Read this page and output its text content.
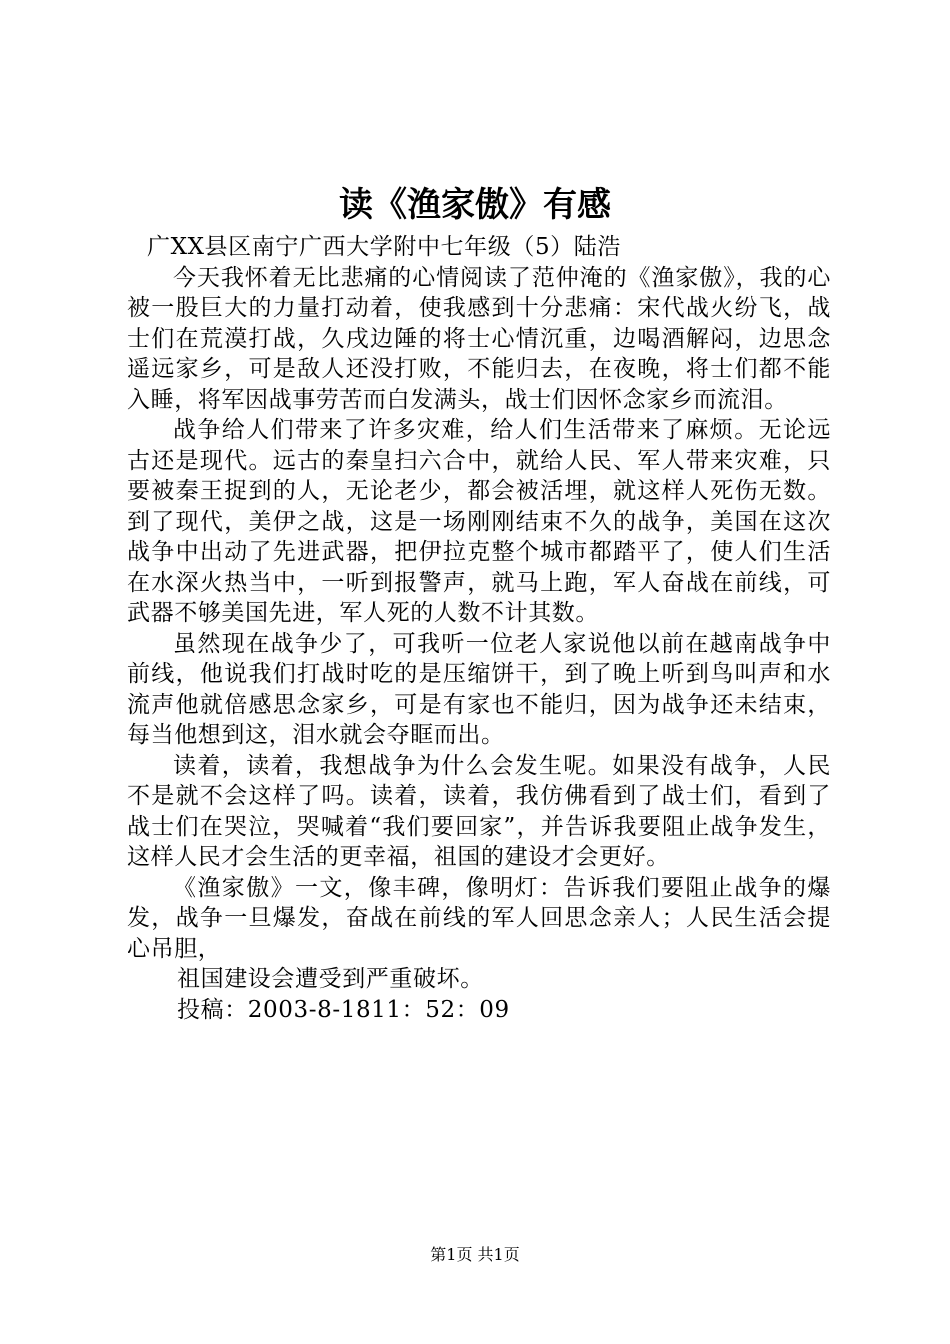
读《渔家傲》有感

广XX县区南宁广西大学附中七年级（5）陆浩

今天我怀着无比悲痛的心情阅读了范仲淹的《渔家傲》，我的心被一股巨大的力量打动着，使我感到十分悲痛：宋代战火纷飞，战士们在荒漠打战，久戌边陲的将士心情沉重，边喝酒解闷，边思念遥远家乡，可是敌人还没打败，不能归去，在夜晚，将士们都不能入睡，将军因战事劳苦而白发满头，战士们因怀念家乡而流泪。

战争给人们带来了许多灾难，给人们生活带来了麻烦。无论远古还是现代。远古的秦皇扫六合中，就给人民、军人带来灾难，只要被秦王捉到的人，无论老少，都会被活埋，就这样人死伤无数。到了现代，美伊之战，这是一场刚刚结束不久的战争，美国在这次战争中出动了先进武器，把伊拉克整个城市都踏平了，使人们生活在水深火热当中，一听到报警声，就马上跑，军人奋战在前线，可武器不够美国先进，军人死的人数不计其数。

虽然现在战争少了，可我听一位老人家说他以前在越南战争中前线，他说我们打战时吃的是压缩饼干，到了晚上听到鸟叫声和水流声他就倍感思念家乡，可是有家也不能归，因为战争还未结束，每当他想到这，泪水就会夺眶而出。

读着，读着，我想战争为什么会发生呢。如果没有战争，人民不是就不会这样了吗。读着，读着，我仿佛看到了战士们，看到了战士们在哭泣，哭喊着“我们要回家”，并告诉我要阻止战争发生，这样人民才会生活的更幸福，祖国的建设才会更好。

《渔家傲》一文，像丰碑，像明灯：告诉我们要阻止战争的爆发，战争一旦爆发，奋战在前线的军人回思念亲人；人民生活会提心吊胆，

祖国建设会遭受到严重破坏。

投稿：2003-8-1811：52：09

第1页 共1页
